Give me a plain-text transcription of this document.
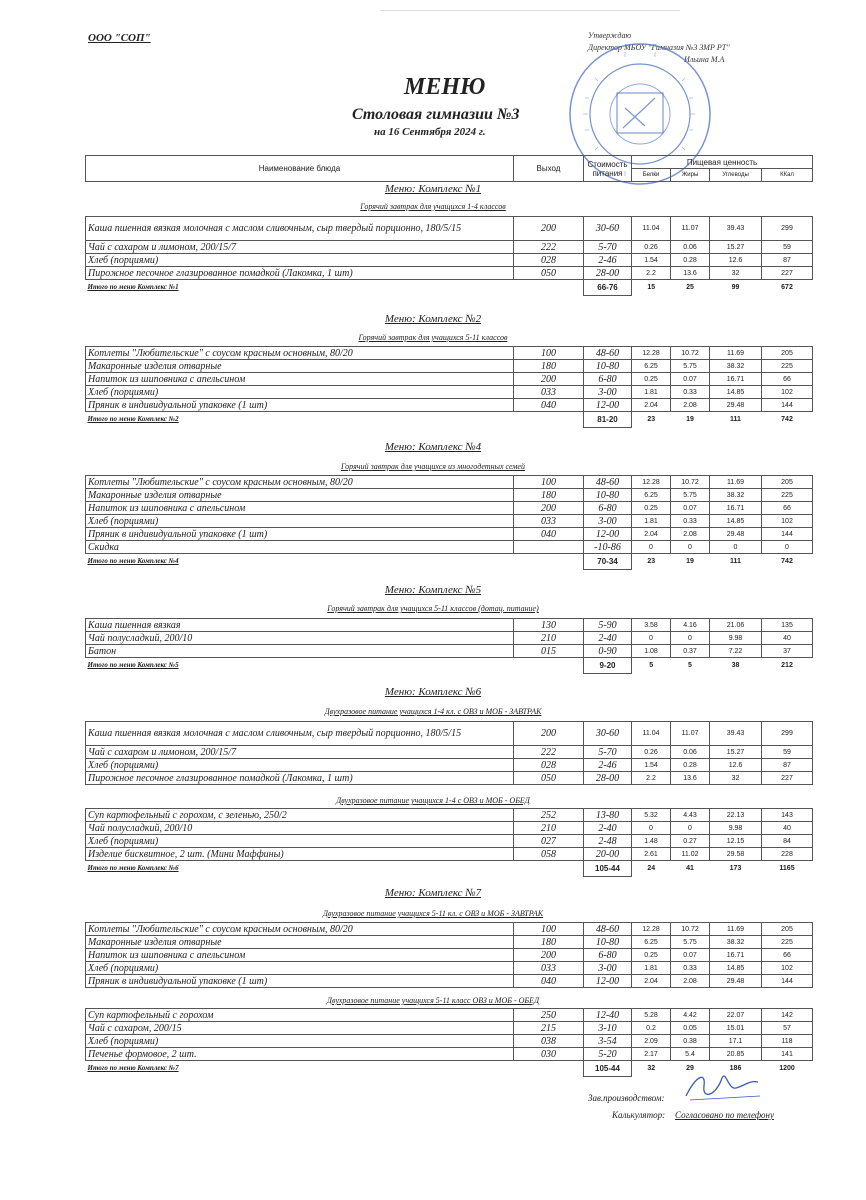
ООО "СОП"	Утверждаю
Директор МБОУ "Гимназия №3 ЗМР РТ"
Ильина М.А
МЕНЮ
Столовая гимназии №3
на 16 Сентября 2024 г.
Наименование блюда	Выход	Стоимость питания	Пищевая ценность			
			Белки	Жиры	Углеводы	ККал
Меню: Комплекс №1
Горячий завтрак для учащихся 1-4 классов
Каша пшенная вязкая молочная с маслом сливочным, сыр твердый порционно, 180/5/15	200	30-60	11.04	11.07	39.43	299
Чай с сахаром и лимоном, 200/15/7	222	5-70	0.26	0.06	15.27	59
Хлеб (порциями)	028	2-46	1.54	0.28	12.6	87
Пирожное песочное глазированное помадкой (Лакомка, 1 шт)	050	28-00	2.2	13.6	32	227
Итого по меню Комплекс №1		66-76	15	25	99	672
Меню: Комплекс №2
Горячий завтрак для учащихся 5-11 классов
Котлеты "Любительские" с соусом красным основным, 80/20	100	48-60	12.28	10.72	11.69	205
Макаронные изделия отварные	180	10-80	6.25	5.75	38.32	225
Напиток из шиповника с апельсином	200	6-80	0.25	0.07	16.71	66
Хлеб (порциями)	033	3-00	1.81	0.33	14.85	102
Пряник в индивидуальной упаковке (1 шт)	040	12-00	2.04	2.08	29.48	144
Итого по меню Комплекс №2		81-20	23	19	111	742
Меню: Комплекс №4
Горячий завтрак для учащихся из многодетных семей
Котлеты "Любительские" с соусом красным основным, 80/20	100	48-60	12.28	10.72	11.69	205
Макаронные изделия отварные	180	10-80	6.25	5.75	38.32	225
Напиток из шиповника с апельсином	200	6-80	0.25	0.07	16.71	66
Хлеб (порциями)	033	3-00	1.81	0.33	14.85	102
Пряник в индивидуальной упаковке (1 шт)	040	12-00	2.04	2.08	29.48	144
Скидка		-10-86	0	0	0	0
Итого по меню Комплекс №4		70-34	23	19	111	742
Меню: Комплекс №5
Горячий завтрак для учащихся 5-11 классов (дотац. питание)
Каша пшенная вязкая	130	5-90	3.58	4.16	21.06	135
Чай полусладкий, 200/10	210	2-40	0	0	9.98	40
Батон	015	0-90	1.08	0.37	7.22	37
Итого по меню Комплекс №5		9-20	5	5	38	212
Меню: Комплекс №6
Двухразовое питание учащихся 1-4 кл. с ОВЗ и МОБ - ЗАВТРАК
Каша пшенная вязкая молочная с маслом сливочным, сыр твердый порционно, 180/5/15	200	30-60	11.04	11.07	39.43	299
Чай с сахаром и лимоном, 200/15/7	222	5-70	0.26	0.06	15.27	59
Хлеб (порциями)	028	2-46	1.54	0.28	12.6	87
Пирожное песочное глазированное помадкой (Лакомка, 1 шт)	050	28-00	2.2	13.6	32	227
Двухразовое питание учащихся 1-4 с ОВЗ и МОБ - ОБЕД
Суп картофельный с горохом, с зеленью, 250/2	252	13-80	5.32	4.43	22.13	143
Чай полусладкий, 200/10	210	2-40	0	0	9.98	40
Хлеб (порциями)	027	2-48	1.48	0.27	12.15	84
Изделие бисквитное, 2 шт. (Мини Маффины)	058	20-00	2.61	11.02	29.58	228
Итого по меню Комплекс №6		105-44	24	41	173	1165
Меню: Комплекс №7
Двухразовое питание учащихся 5-11 кл. с ОВЗ и МОБ - ЗАВТРАК
Котлеты "Любительские" с соусом красным основным, 80/20	100	48-60	12.28	10.72	11.69	205
Макаронные изделия отварные	180	10-80	6.25	5.75	38.32	225
Напиток из шиповника с апельсином	200	6-80	0.25	0.07	16.71	66
Хлеб (порциями)	033	3-00	1.81	0.33	14.85	102
Пряник в индивидуальной упаковке (1 шт)	040	12-00	2.04	2.08	29.48	144
Двухразовое питание учащихся 5-11 класс ОВЗ и МОБ - ОБЕД
Суп картофельный с горохом	250	12-40	5.28	4.42	22.07	142
Чай с сахаром, 200/15	215	3-10	0.2	0.05	15.01	57
Хлеб (порциями)	038	3-54	2.09	0.38	17.1	118
Печенье формовое, 2 шт.	030	5-20	2.17	5.4	20.85	141
Итого по меню Комплекс №7		105-44	32	29	186	1200
Зав.производством:
Калькулятор: Согласовано по телефону
